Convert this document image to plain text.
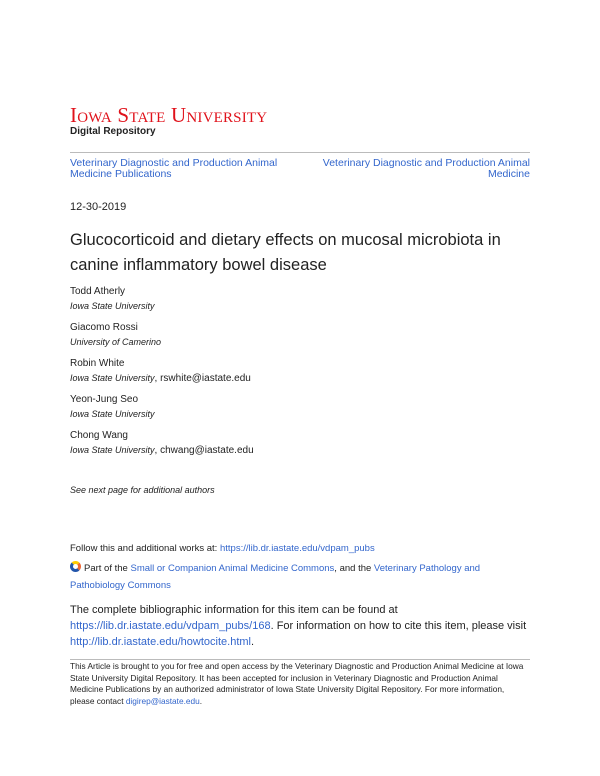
Iowa State University
Digital Repository
Veterinary Diagnostic and Production Animal Medicine Publications
Veterinary Diagnostic and Production Animal Medicine
12-30-2019
Glucocorticoid and dietary effects on mucosal microbiota in canine inflammatory bowel disease
Todd Atherly
Iowa State University
Giacomo Rossi
University of Camerino
Robin White
Iowa State University, rswhite@iastate.edu
Yeon-Jung Seo
Iowa State University
Chong Wang
Iowa State University, chwang@iastate.edu
See next page for additional authors
Follow this and additional works at: https://lib.dr.iastate.edu/vdpam_pubs
Part of the Small or Companion Animal Medicine Commons, and the Veterinary Pathology and Pathobiology Commons
The complete bibliographic information for this item can be found at https://lib.dr.iastate.edu/vdpam_pubs/168. For information on how to cite this item, please visit http://lib.dr.iastate.edu/howtocite.html.
This Article is brought to you for free and open access by the Veterinary Diagnostic and Production Animal Medicine at Iowa State University Digital Repository. It has been accepted for inclusion in Veterinary Diagnostic and Production Animal Medicine Publications by an authorized administrator of Iowa State University Digital Repository. For more information, please contact digirep@iastate.edu.
